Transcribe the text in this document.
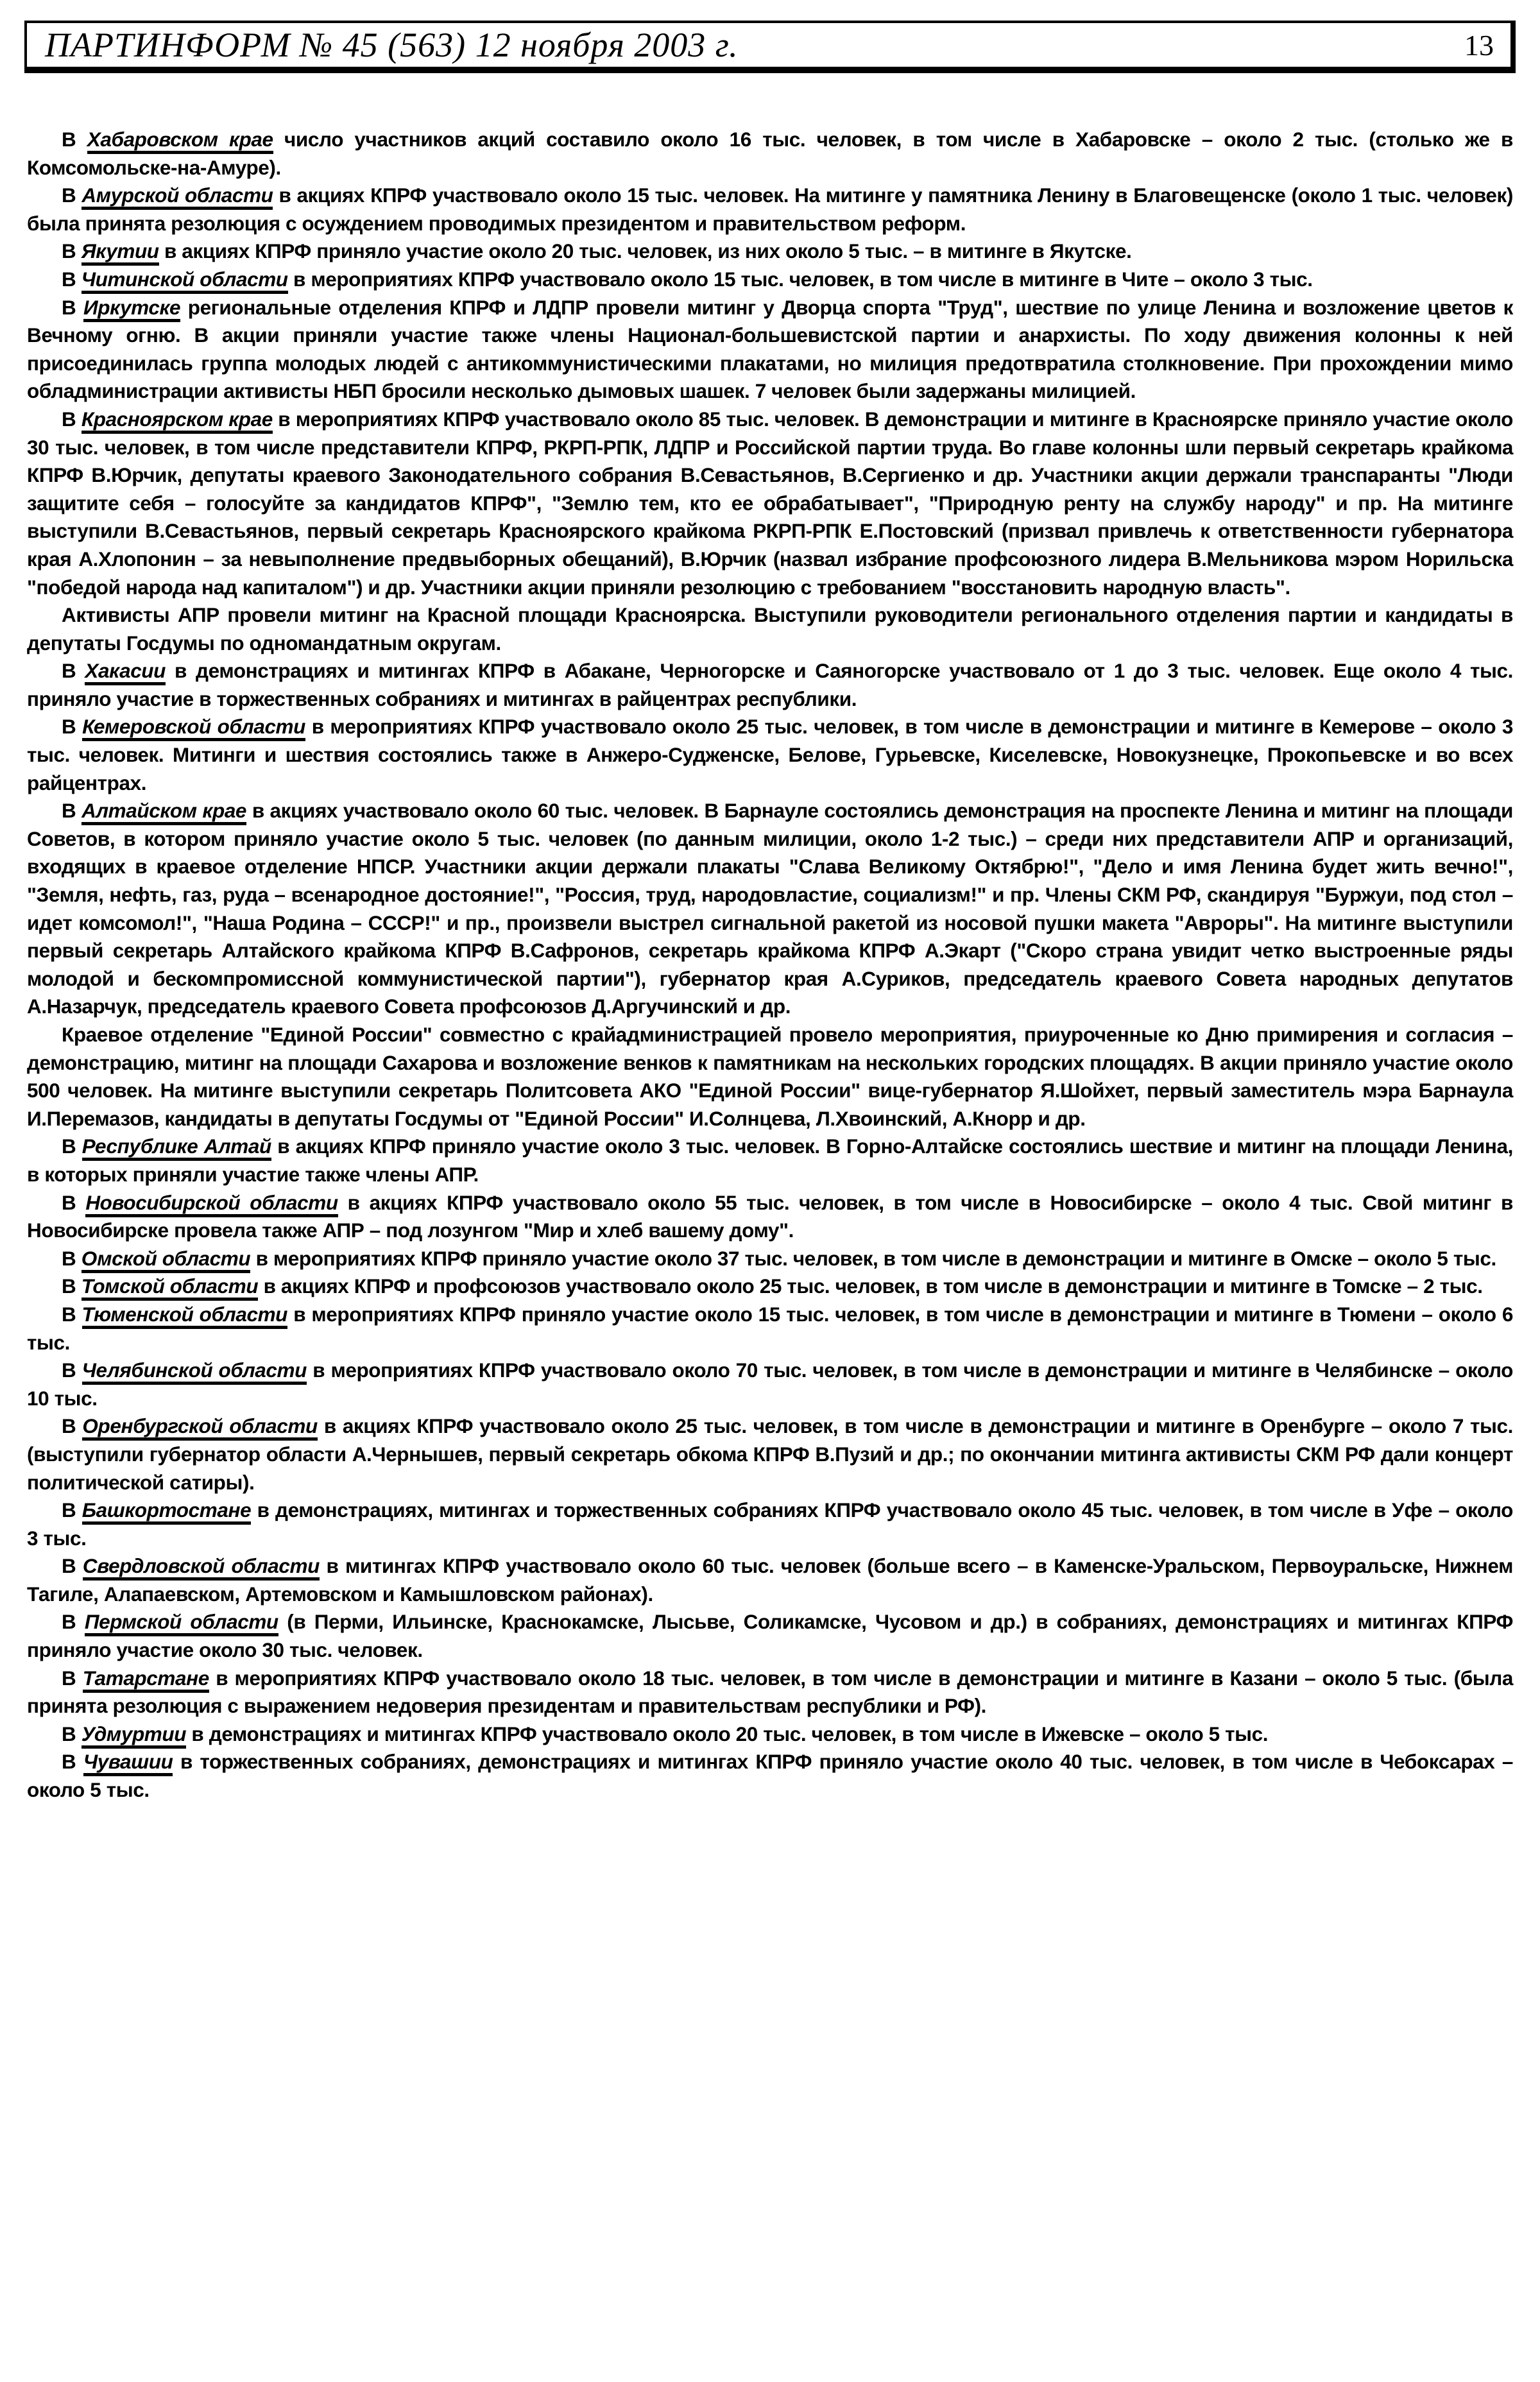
ПАРТИНФОРМ № 45 (563) 12 ноября 2003 г.	13

В Хабаровском крае число участников акций составило около 16 тыс. человек, в том числе в Хабаровске – около 2 тыс. (столько же в Комсомольске-на-Амуре).

В Амурской области в акциях КПРФ участвовало около 15 тыс. человек. На митинге у памятника Ленину в Благовещенске (около 1 тыс. человек) была принята резолюция с осуждением проводимых президентом и правительством реформ.

В Якутии в акциях КПРФ приняло участие около 20 тыс. человек, из них около 5 тыс. – в митинге в Якутске.

В Читинской области в мероприятиях КПРФ участвовало около 15 тыс. человек, в том числе в митинге в Чите – около 3 тыс.

В Иркутске региональные отделения КПРФ и ЛДПР провели митинг у Дворца спорта "Труд", шествие по улице Ленина и возложение цветов к Вечному огню. В акции приняли участие также члены Национал-большевистской партии и анархисты. По ходу движения колонны к ней присоединилась группа молодых людей с антикоммунистическими плакатами, но милиция предотвратила столкновение. При прохождении мимо обладминистрации активисты НБП бросили несколько дымовых шашек. 7 человек были задержаны милицией.

В Красноярском крае в мероприятиях КПРФ участвовало около 85 тыс. человек. В демонстрации и митинге в Красноярске приняло участие около 30 тыс. человек, в том числе представители КПРФ, РКРП-РПК, ЛДПР и Российской партии труда. Во главе колонны шли первый секретарь крайкома КПРФ В.Юрчик, депутаты краевого Законодательного собрания В.Севастьянов, В.Сергиенко и др. Участники акции держали транспаранты "Люди защитите себя – голосуйте за кандидатов КПРФ", "Землю тем, кто ее обрабатывает", "Природную ренту на службу народу" и пр. На митинге выступили В.Севастьянов, первый секретарь Красноярского крайкома РКРП-РПК Е.Постовский (призвал привлечь к ответственности губернатора края А.Хлопонин – за невыполнение предвыборных обещаний), В.Юрчик (назвал избрание профсоюзного лидера В.Мельникова мэром Норильска "победой народа над капиталом") и др. Участники акции приняли резолюцию с требованием "восстановить народную власть".

Активисты АПР провели митинг на Красной площади Красноярска. Выступили руководители регионального отделения партии и кандидаты в депутаты Госдумы по одномандатным округам.

В Хакасии в демонстрациях и митингах КПРФ в Абакане, Черногорске и Саяногорске участвовало от 1 до 3 тыс. человек. Еще около 4 тыс. приняло участие в торжественных собраниях и митингах в райцентрах республики.

В Кемеровской области в мероприятиях КПРФ участвовало около 25 тыс. человек, в том числе в демонстрации и митинге в Кемерове – около 3 тыс. человек. Митинги и шествия состоялись также в Анжеро-Судженске, Белове, Гурьевске, Киселевске, Новокузнецке, Прокопьевске и во всех райцентрах.

В Алтайском крае в акциях участвовало около 60 тыс. человек. В Барнауле состоялись демонстрация на проспекте Ленина и митинг на площади Советов, в котором приняло участие около 5 тыс. человек (по данным милиции, около 1-2 тыс.) – среди них представители АПР и организаций, входящих в краевое отделение НПСР. Участники акции держали плакаты "Слава Великому Октябрю!", "Дело и имя Ленина будет жить вечно!", "Земля, нефть, газ, руда – всенародное достояние!", "Россия, труд, народовластие, социализм!" и пр. Члены СКМ РФ, скандируя "Буржуи, под стол – идет комсомол!", "Наша Родина – СССР!" и пр., произвели выстрел сигнальной ракетой из носовой пушки макета "Авроры". На митинге выступили первый секретарь Алтайского крайкома КПРФ В.Сафронов, секретарь крайкома КПРФ А.Экарт ("Скоро страна увидит четко выстроенные ряды молодой и бескомпромиссной коммунистической партии"), губернатор края А.Суриков, председатель краевого Совета народных депутатов А.Назарчук, председатель краевого Совета профсоюзов Д.Аргучинский и др.

Краевое отделение "Единой России" совместно с крайадминистрацией провело мероприятия, приуроченные ко Дню примирения и согласия – демонстрацию, митинг на площади Сахарова и возложение венков к памятникам на нескольких городских площадях. В акции приняло участие около 500 человек. На митинге выступили секретарь Политсовета АКО "Единой России" вице-губернатор Я.Шойхет, первый заместитель мэра Барнаула И.Перемазов, кандидаты в депутаты Госдумы от "Единой России" И.Солнцева, Л.Хвоинский, А.Кнорр и др.

В Республике Алтай в акциях КПРФ приняло участие около 3 тыс. человек. В Горно-Алтайске состоялись шествие и митинг на площади Ленина, в которых приняли участие также члены АПР.

В Новосибирской области в акциях КПРФ участвовало около 55 тыс. человек, в том числе в Новосибирске – около 4 тыс. Свой митинг в Новосибирске провела также АПР – под лозунгом "Мир и хлеб вашему дому".

В Омской области в мероприятиях КПРФ приняло участие около 37 тыс. человек, в том числе в демонстрации и митинге в Омске – около 5 тыс.

В Томской области в акциях КПРФ и профсоюзов участвовало около 25 тыс. человек, в том числе в демонстрации и митинге в Томске – 2 тыс.

В Тюменской области в мероприятиях КПРФ приняло участие около 15 тыс. человек, в том числе в демонстрации и митинге в Тюмени – около 6 тыс.

В Челябинской области в мероприятиях КПРФ участвовало около 70 тыс. человек, в том числе в демонстрации и митинге в Челябинске – около 10 тыс.

В Оренбургской области в акциях КПРФ участвовало около 25 тыс. человек, в том числе в демонстрации и митинге в Оренбурге – около 7 тыс. (выступили губернатор области А.Чернышев, первый секретарь обкома КПРФ В.Пузий и др.; по окончании митинга активисты СКМ РФ дали концерт политической сатиры).

В Башкортостане в демонстрациях, митингах и торжественных собраниях КПРФ участвовало около 45 тыс. человек, в том числе в Уфе – около 3 тыс.

В Свердловской области в митингах КПРФ участвовало около 60 тыс. человек (больше всего – в Каменске-Уральском, Первоуральске, Нижнем Тагиле, Алапаевском, Артемовском и Камышловском районах).

В Пермской области (в Перми, Ильинске, Краснокамске, Лысьве, Соликамске, Чусовом и др.) в собраниях, демонстрациях и митингах КПРФ приняло участие около 30 тыс. человек.

В Татарстане в мероприятиях КПРФ участвовало около 18 тыс. человек, в том числе в демонстрации и митинге в Казани – около 5 тыс. (была принята резолюция с выражением недоверия президентам и правительствам республики и РФ).

В Удмуртии в демонстрациях и митингах КПРФ участвовало около 20 тыс. человек, в том числе в Ижевске – около 5 тыс.

В Чувашии в торжественных собраниях, демонстрациях и митингах КПРФ приняло участие около 40 тыс. человек, в том числе в Чебоксарах – около 5 тыс.
